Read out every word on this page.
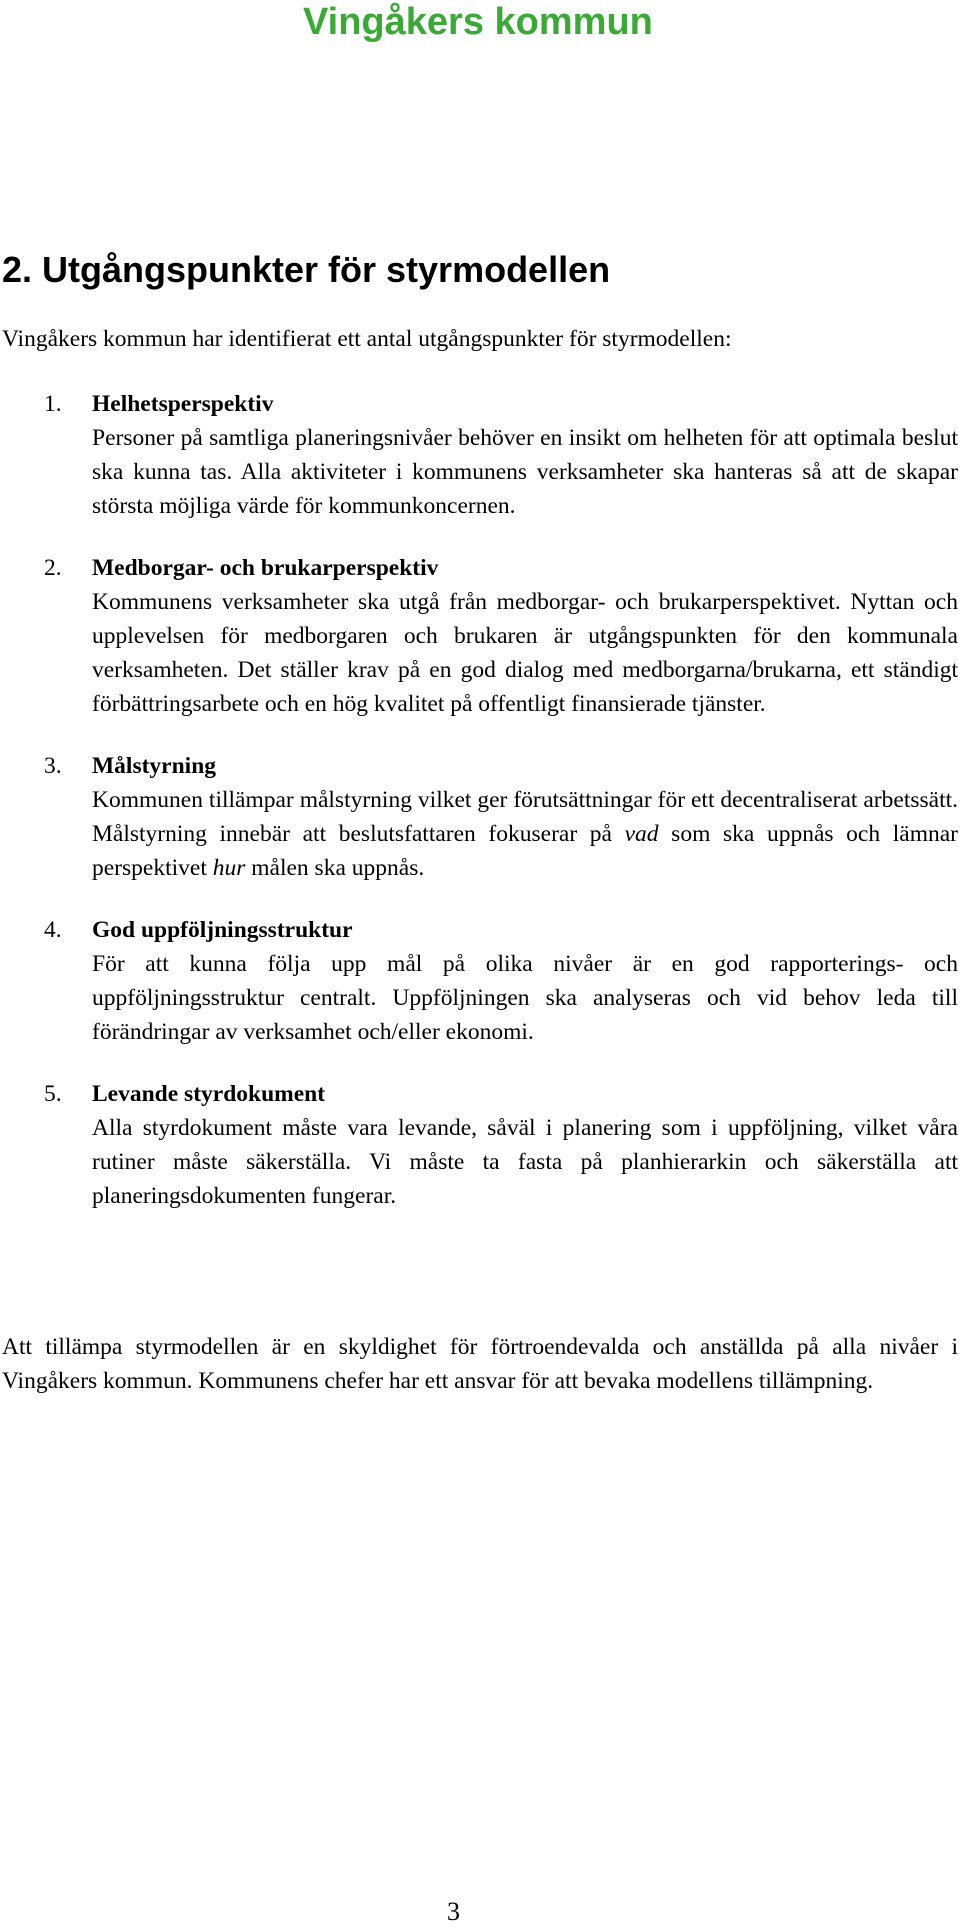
Vingåkers kommun
2. Utgångspunkter för styrmodellen
Vingåkers kommun har identifierat ett antal utgångspunkter för styrmodellen:
1. Helhetsperspektiv
Personer på samtliga planeringsnivåer behöver en insikt om helheten för att optimala beslut ska kunna tas. Alla aktiviteter i kommunens verksamheter ska hanteras så att de skapar största möjliga värde för kommunkoncernen.
2. Medborgar- och brukarperspektiv
Kommunens verksamheter ska utgå från medborgar- och brukarperspektivet. Nyttan och upplevelsen för medborgaren och brukaren är utgångspunkten för den kommunala verksamheten. Det ställer krav på en god dialog med medborgarna/brukarna, ett ständigt förbättringsarbete och en hög kvalitet på offentligt finansierade tjänster.
3. Målstyrning
Kommunen tillämpar målstyrning vilket ger förutsättningar för ett decentraliserat arbetssätt. Målstyrning innebär att beslutsfattaren fokuserar på vad som ska uppnås och lämnar perspektivet hur målen ska uppnås.
4. God uppföljningsstruktur
För att kunna följa upp mål på olika nivåer är en god rapporterings- och uppföljningsstruktur centralt. Uppföljningen ska analyseras och vid behov leda till förändringar av verksamhet och/eller ekonomi.
5. Levande styrdokument
Alla styrdokument måste vara levande, såväl i planering som i uppföljning, vilket våra rutiner måste säkerställa. Vi måste ta fasta på planhierarkin och säkerställa att planeringsdokumenten fungerar.
Att tillämpa styrmodellen är en skyldighet för förtroendevalda och anställda på alla nivåer i Vingåkers kommun. Kommunens chefer har ett ansvar för att bevaka modellens tillämpning.
3
